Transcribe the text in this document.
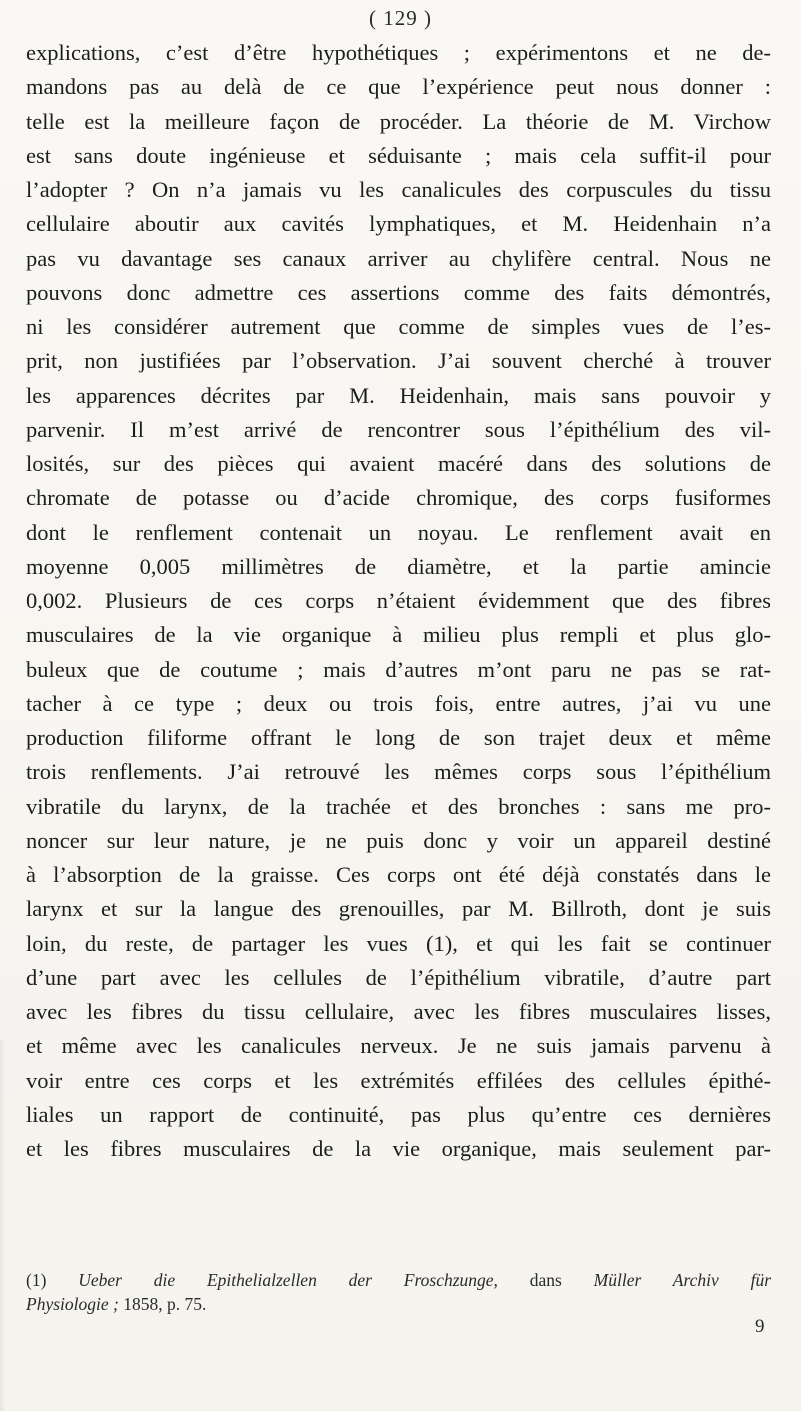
( 129 )
explications, c’est d’être hypothétiques ; expérimentons et ne de-
mandons pas au delà de ce que l’expérience peut nous donner :
telle est la meilleure façon de procéder. La théorie de M. Virchow
est sans doute ingénieuse et séduisante ; mais cela suffit-il pour
l’adopter ? On n’a jamais vu les canalicules des corpuscules du tissu
cellulaire aboutir aux cavités lymphatiques, et M. Heidenhain n’a
pas vu davantage ses canaux arriver au chylifère central. Nous ne
pouvons donc admettre ces assertions comme des faits démontrés,
ni les considérer autrement que comme de simples vues de l’es-
prit, non justifiées par l’observation. J’ai souvent cherché à trouver
les apparences décrites par M. Heidenhain, mais sans pouvoir y
parvenir. Il m’est arrivé de rencontrer sous l’épithélium des vil-
losités, sur des pièces qui avaient macéré dans des solutions de
chromate de potasse ou d’acide chromique, des corps fusiformes
dont le renflement contenait un noyau. Le renflement avait en
moyenne 0,005 millimètres de diamètre, et la partie amincie
0,002. Plusieurs de ces corps n’étaient évidemment que des fibres
musculaires de la vie organique à milieu plus rempli et plus glo-
buleux que de coutume ; mais d’autres m’ont paru ne pas se rat-
tacher à ce type ; deux ou trois fois, entre autres, j’ai vu une
production filiforme offrant le long de son trajet deux et même
trois renflements. J’ai retrouvé les mêmes corps sous l’épithélium
vibratile du larynx, de la trachée et des bronches : sans me pro-
noncer sur leur nature, je ne puis donc y voir un appareil destiné
à l’absorption de la graisse. Ces corps ont été déjà constatés dans le
larynx et sur la langue des grenouilles, par M. Billroth, dont je suis
loin, du reste, de partager les vues (1), et qui les fait se continuer
d’une part avec les cellules de l’épithélium vibratile, d’autre part
avec les fibres du tissu cellulaire, avec les fibres musculaires lisses,
et même avec les canalicules nerveux. Je ne suis jamais parvenu à
voir entre ces corps et les extrémités effilées des cellules épithé-
liales un rapport de continuité, pas plus qu’entre ces dernières
et les fibres musculaires de la vie organique, mais seulement par-
(1) Ueber die Epithelialzellen der Froschzunge, dans Müller Archiv für
Physiologie ; 1858, p. 75.
9
